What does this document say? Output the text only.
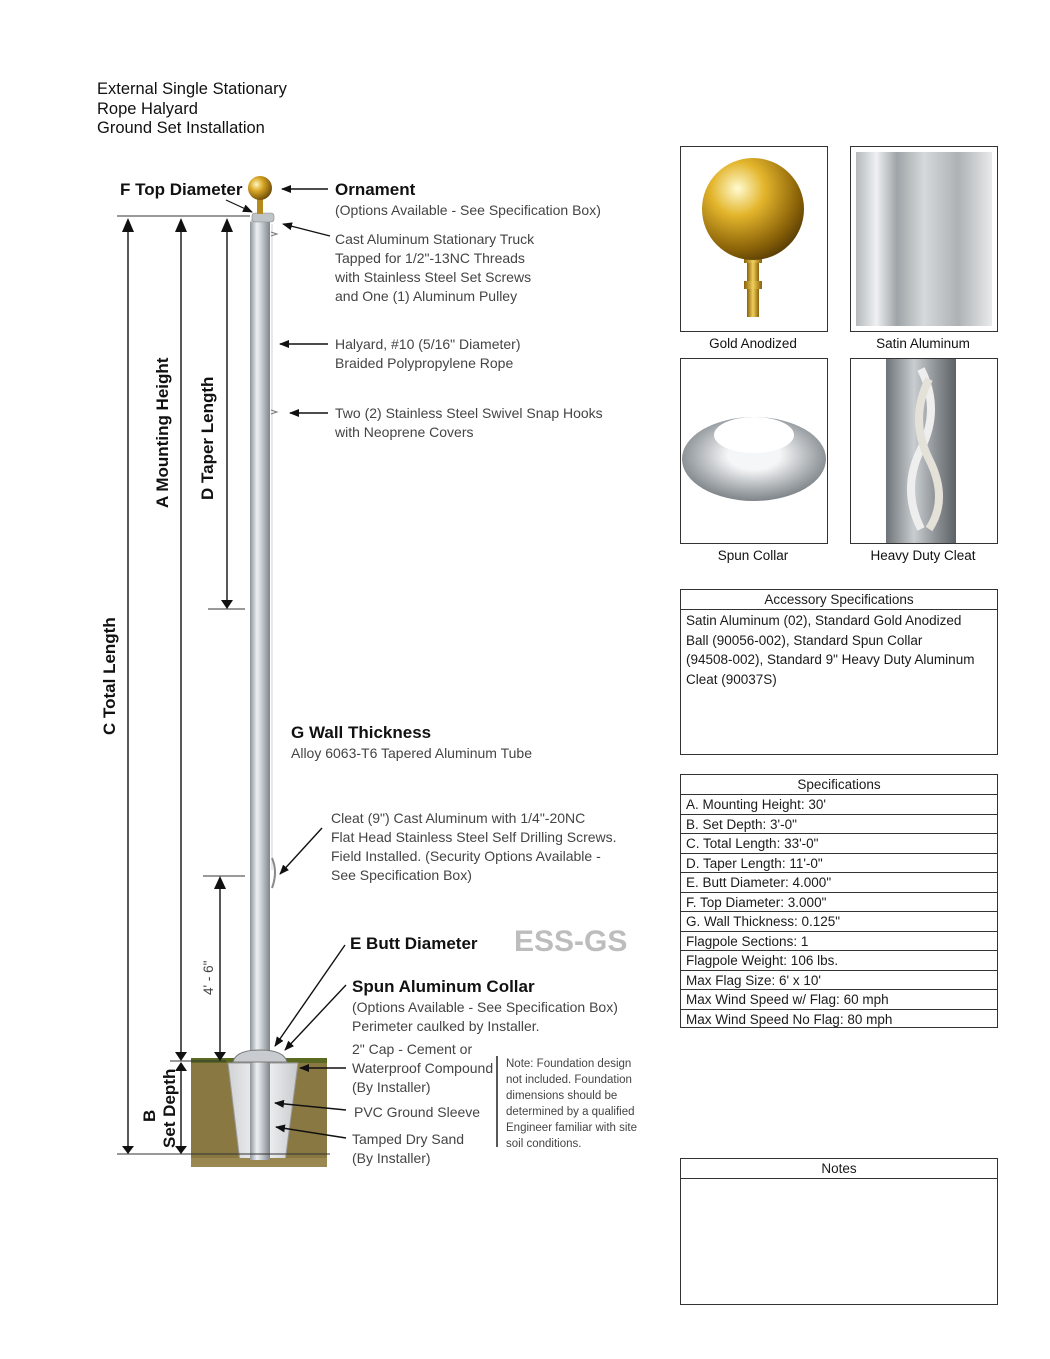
External Single Stationary
Rope Halyard
Ground Set Installation
C Total Length
A Mounting Height D Taper Length
4' - 6"
B Set Depth
F Top Diameter	Ornament
(Options Available - See Specification Box)
Cast Aluminum Stationary Truck
Tapped for 1/2"-13NC Threads
with Stainless Steel Set Screws
and One (1) Aluminum Pulley
Halyard, #10 (5/16" Diameter)
Braided Polypropylene Rope
Two (2) Stainless Steel Swivel Snap Hooks
with Neoprene Covers
G Wall Thickness
Alloy 6063-T6 Tapered Aluminum Tube
Cleat (9") Cast Aluminum with 1/4"-20NC
Flat Head Stainless Steel Self Drilling Screws.
Field Installed. (Security Options Available -
See Specification Box)
E Butt Diameter ESS-GS
Spun Aluminum Collar
(Options Available - See Specification Box)
Perimeter caulked by Installer.
2" Cap - Cement or
Waterproof Compound
(By Installer)
PVC Ground Sleeve
Tamped Dry Sand
(By Installer)
Note: Foundation design
not included. Foundation
dimensions should be
determined by a qualified
Engineer familiar with site
soil conditions.
Gold Anodized	Satin Aluminum
Spun Collar	Heavy Duty Cleat
Accessory Specifications
Satin Aluminum (02), Standard Gold Anodized
Ball (90056-002), Standard Spun Collar
(94508-002), Standard 9" Heavy Duty Aluminum
Cleat (90037S)
Specifications
A. Mounting Height: 30'
B. Set Depth: 3'-0"
C. Total Length: 33'-0"
D. Taper Length: 11'-0"
E. Butt Diameter: 4.000"
F. Top Diameter: 3.000"
G. Wall Thickness: 0.125"
Flagpole Sections: 1
Flagpole Weight: 106 lbs.
Max Flag Size: 6' x 10'
Max Wind Speed w/ Flag: 60 mph
Max Wind Speed No Flag: 80 mph
Notes
